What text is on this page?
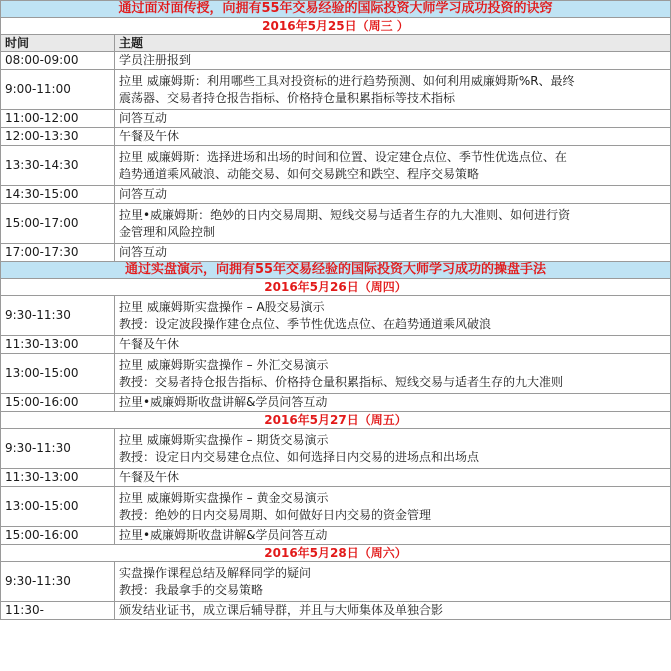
通过面对面传授，向拥有55年交易经验的国际投资大师学习成功投资的诀窍	
2016年5月25日（周三 ）	
时间	主题
08:00-09:00	学员注册报到

9:00-11:00	拉里 威廉姆斯：利用哪些工具对投资标的进行趋势预测、如何利用威廉姆斯%R、最终
震荡器、交易者持仓报告指标、价格持仓量积累指标等技术指标

11:00-12:00	问答互动

12:00-13:30	午餐及午休

13:30-14:30	拉里 威廉姆斯：选择进场和出场的时间和位置、设定建仓点位、季节性优选点位、在
趋势通道乘风破浪、动能交易、如何交易跳空和跌空、程序交易策略

14:30-15:00	问答互动

15:00-17:00	拉里•威廉姆斯：绝妙的日内交易周期、短线交易与适者生存的九大准则、如何进行资
金管理和风险控制

17:00-17:30	问答互动

通过实盘演示，向拥有55年交易经验的国际投资大师学习成功的操盘手法	
2016年5月26日（周四）	
9:30-11:30	拉里 威廉姆斯实盘操作 – A股交易演示
教授：设定波段操作建仓点位、季节性优选点位、在趋势通道乘风破浪

11:30-13:00	午餐及午休

13:00-15:00	拉里 威廉姆斯实盘操作 – 外汇交易演示
教授：交易者持仓报告指标、价格持仓量积累指标、短线交易与适者生存的九大准则

15:00-16:00	拉里•威廉姆斯收盘讲解&学员问答互动

2016年5月27日（周五）	
9:30-11:30	拉里 威廉姆斯实盘操作 – 期货交易演示
教授：设定日内交易建仓点位、如何选择日内交易的进场点和出场点

11:30-13:00	午餐及午休

13:00-15:00	拉里 威廉姆斯实盘操作 – 黄金交易演示
教授：绝妙的日内交易周期、如何做好日内交易的资金管理

15:00-16:00	拉里•威廉姆斯收盘讲解&学员问答互动

2016年5月28日（周六）	
9:30-11:30	实盘操作课程总结及解释同学的疑问
教授：我最拿手的交易策略

11:30-	颁发结业证书，成立课后辅导群，并且与大师集体及单独合影
